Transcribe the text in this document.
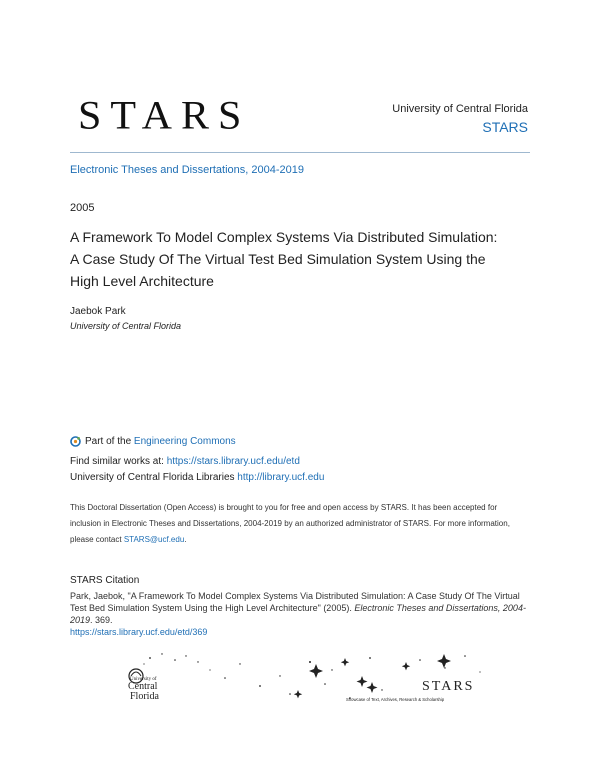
STARS	University of Central Florida
STARS
Electronic Theses and Dissertations, 2004-2019
2005
A Framework To Model Complex Systems Via Distributed Simulation: A Case Study Of The Virtual Test Bed Simulation System Using the High Level Architecture
Jaebok Park
University of Central Florida
Part of the
Engineering Commons
Find similar works at: https://stars.library.ucf.edu/etd
University of Central Florida Libraries http://library.ucf.edu
This Doctoral Dissertation (Open Access) is brought to you for free and open access by STARS. It has been accepted for inclusion in Electronic Theses and Dissertations, 2004-2019 by an authorized administrator of STARS. For more information, please contact STARS@ucf.edu.
STARS Citation
Park, Jaebok, "A Framework To Model Complex Systems Via Distributed Simulation: A Case Study Of The Virtual Test Bed Simulation System Using the High Level Architecture" (2005). Electronic Theses and Dissertations, 2004-2019. 369.
https://stars.library.ucf.edu/etd/369
University of
Central
Florida
STARS
Showcase of Text, Archives, Research & Scholarship
